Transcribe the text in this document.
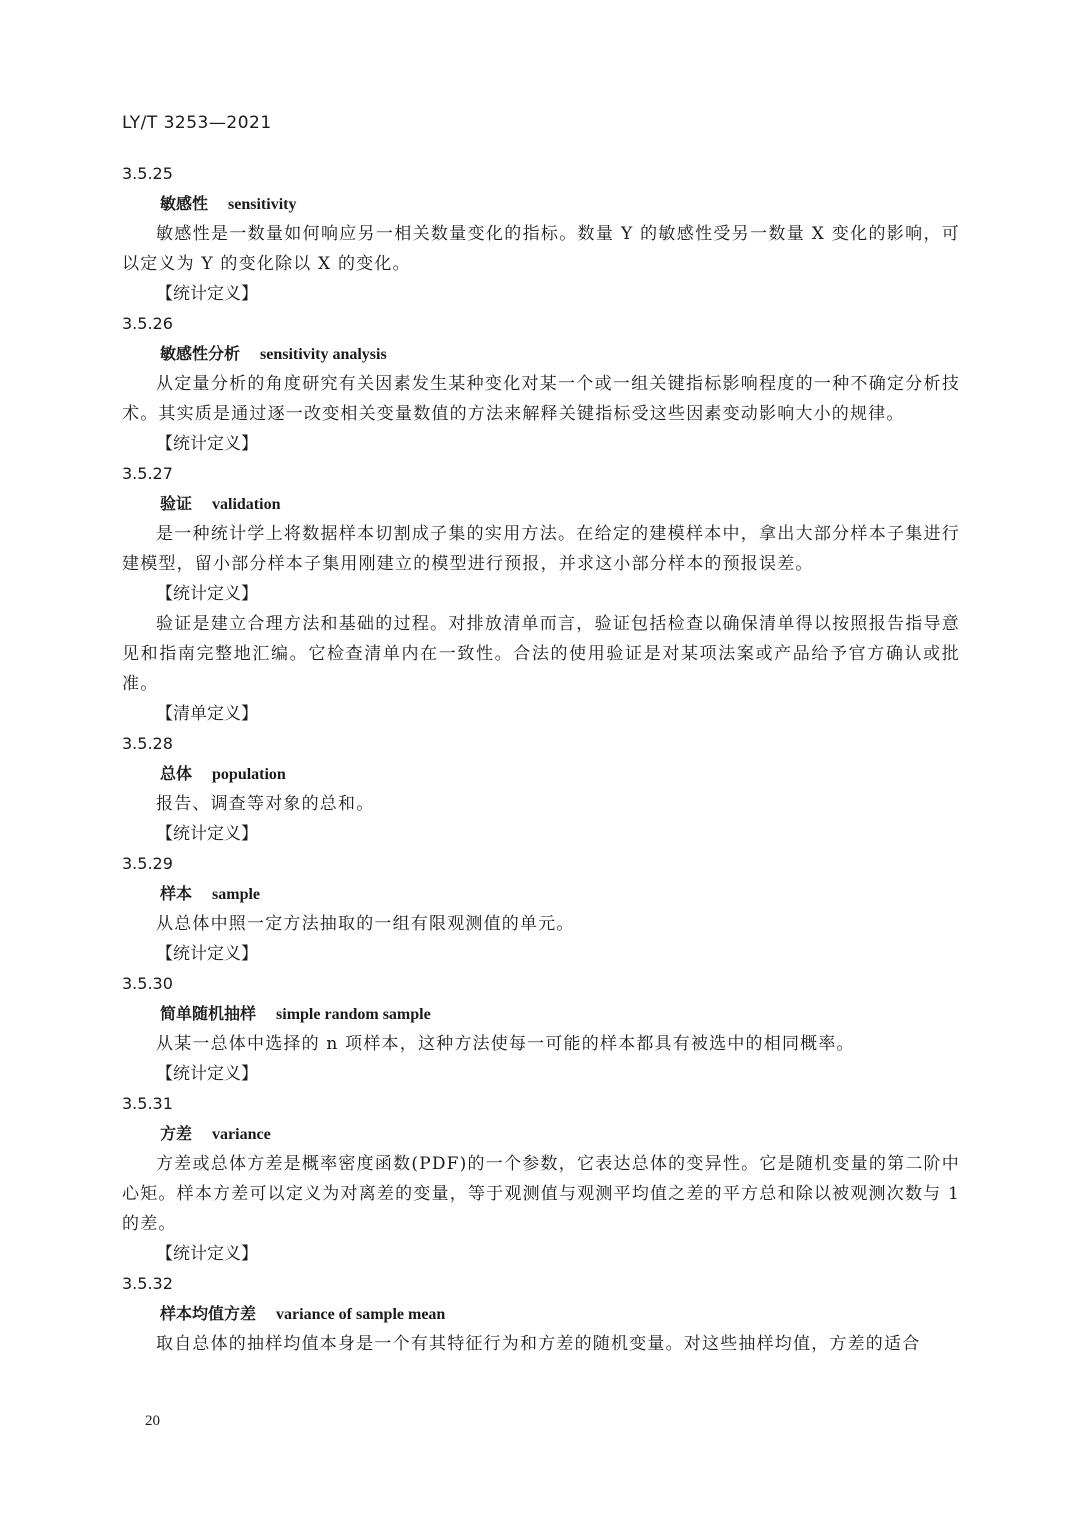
LY/T 3253—2021
3.5.25
敏感性 sensitivity
敏感性是一数量如何响应另一相关数量变化的指标。数量 Y 的敏感性受另一数量 X 变化的影响，可以定义为 Y 的变化除以 X 的变化。
【统计定义】
3.5.26
敏感性分析 sensitivity analysis
从定量分析的角度研究有关因素发生某种变化对某一个或一组关键指标影响程度的一种不确定分析技术。其实质是通过逐一改变相关变量数值的方法来解释关键指标受这些因素变动影响大小的规律。
【统计定义】
3.5.27
验证 validation
是一种统计学上将数据样本切割成子集的实用方法。在给定的建模样本中，拿出大部分样本子集进行建模型，留小部分样本子集用刚建立的模型进行预报，并求这小部分样本的预报误差。
【统计定义】
验证是建立合理方法和基础的过程。对排放清单而言，验证包括检查以确保清单得以按照报告指导意见和指南完整地汇编。它检查清单内在一致性。合法的使用验证是对某项法案或产品给予官方确认或批准。
【清单定义】
3.5.28
总体 population
报告、调查等对象的总和。
【统计定义】
3.5.29
样本 sample
从总体中照一定方法抽取的一组有限观测值的单元。
【统计定义】
3.5.30
简单随机抽样 simple random sample
从某一总体中选择的 n 项样本，这种方法使每一可能的样本都具有被选中的相同概率。
【统计定义】
3.5.31
方差 variance
方差或总体方差是概率密度函数(PDF)的一个参数，它表达总体的变异性。它是随机变量的第二阶中心矩。样本方差可以定义为对离差的变量，等于观测值与观测平均值之差的平方总和除以被观测次数与 1 的差。
【统计定义】
3.5.32
样本均值方差 variance of sample mean
取自总体的抽样均值本身是一个有其特征行为和方差的随机变量。对这些抽样均值，方差的适合
20
